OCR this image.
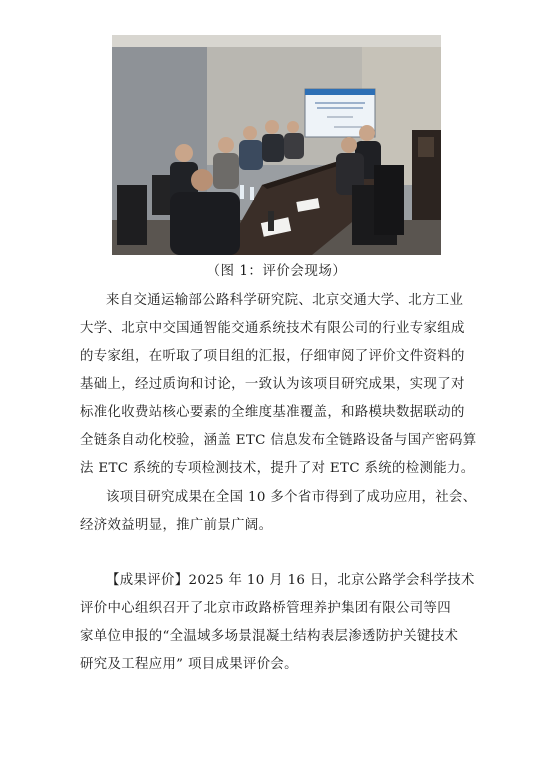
（图 1：评价会现场）

来自交通运输部公路科学研究院、北京交通大学、北方工业
大学、北京中交国通智能交通系统技术有限公司的行业专家组成
的专家组，在听取了项目组的汇报，仔细审阅了评价文件资料的
基础上，经过质询和讨论，一致认为该项目研究成果，实现了对
标准化收费站核心要素的全维度基准覆盖，和路模块数据联动的
全链条自动化校验，涵盖 ETC 信息发布全链路设备与国产密码算
法 ETC 系统的专项检测技术，提升了对 ETC 系统的检测能力。

该项目研究成果在全国 10 多个省市得到了成功应用，社会、
经济效益明显，推广前景广阔。

【成果评价】2025 年 10 月 16 日，北京公路学会科学技术
评价中心组织召开了北京市政路桥管理养护集团有限公司等四
家单位申报的“全温域多场景混凝土结构表层渗透防护关键技术
研究及工程应用” 项目成果评价会。
